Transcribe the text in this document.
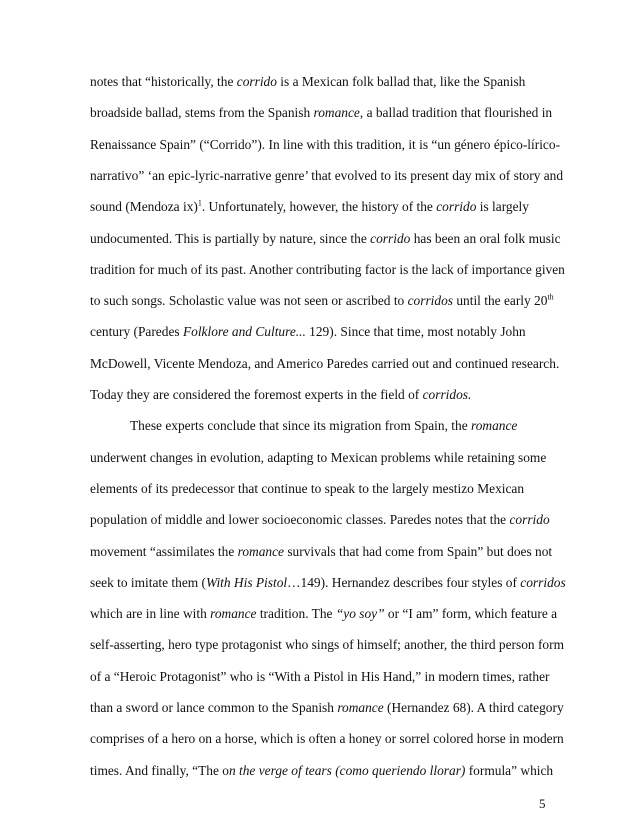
notes that “historically, the corrido is a Mexican folk ballad that, like the Spanish
broadside ballad, stems from the Spanish romance, a ballad tradition that flourished in
Renaissance Spain” (“Corrido”). In line with this tradition, it is “un género épico-lírico-
narrativo” ‘an epic-lyric-narrative genre’ that evolved to its present day mix of story and
sound (Mendoza ix)$^1$. Unfortunately, however, the history of the corrido is largely
undocumented. This is partially by nature, since the corrido has been an oral folk music
tradition for much of its past. Another contributing factor is the lack of importance given
to such songs. Scholastic value was not seen or ascribed to corridos until the early 20th
century (Paredes Folklore and Culture... 129). Since that time, most notably John
McDowell, Vicente Mendoza, and Americo Paredes carried out and continued research.
Today they are considered the foremost experts in the field of corridos.
These experts conclude that since its migration from Spain, the romance
underwent changes in evolution, adapting to Mexican problems while retaining some
elements of its predecessor that continue to speak to the largely mestizo Mexican
population of middle and lower socioeconomic classes. Paredes notes that the corrido
movement “assimilates the romance survivals that had come from Spain” but does not
seek to imitate them (With His Pistol…149). Hernandez describes four styles of corridos
which are in line with romance tradition. The “yo soy” or “I am” form, which feature a
self-asserting, hero type protagonist who sings of himself; another, the third person form
of a “Heroic Protagonist” who is “With a Pistol in His Hand,” in modern times, rather
than a sword or lance common to the Spanish romance (Hernandez 68). A third category
comprises of a hero on a horse, which is often a honey or sorrel colored horse in modern
times. And finally, “The on the verge of tears (como queriendo llorar) formula” which
5
